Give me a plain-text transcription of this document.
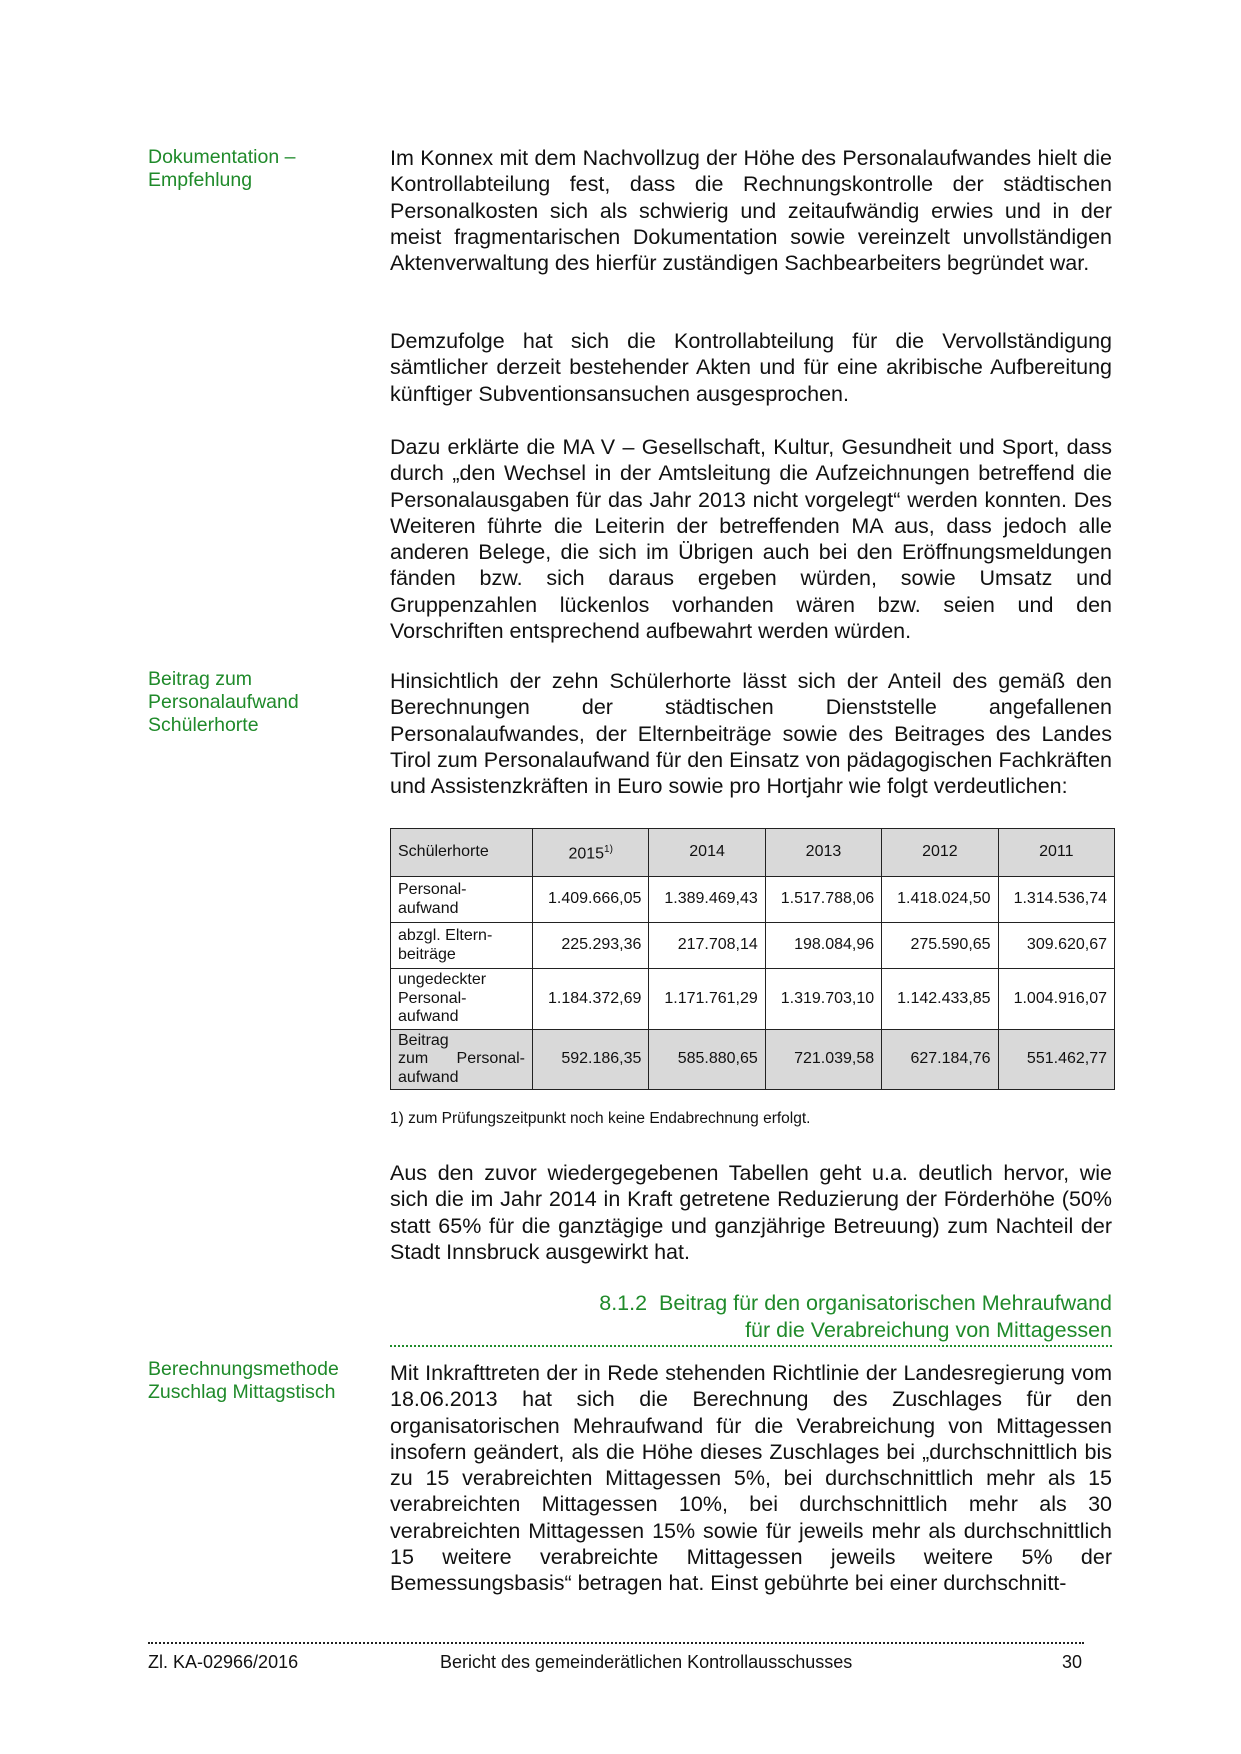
Dokumentation –
Empfehlung
Beitrag zum
Personalaufwand
Schülerhorte
Berechnungsmethode
Zuschlag Mittagstisch

Im Konnex mit dem Nachvollzug der Höhe des Personalaufwandes hielt die Kontrollabteilung fest, dass die Rechnungskontrolle der städtischen Personalkosten sich als schwierig und zeitaufwändig erwies und in der meist fragmentarischen Dokumentation sowie vereinzelt unvollständigen Aktenverwaltung des hierfür zuständigen Sachbearbeiters begründet war.

Demzufolge hat sich die Kontrollabteilung für die Vervollständigung sämtlicher derzeit bestehender Akten und für eine akribische Aufbereitung künftiger Subventionsansuchen ausgesprochen.

Dazu erklärte die MA V – Gesellschaft, Kultur, Gesundheit und Sport, dass durch „den Wechsel in der Amtsleitung die Aufzeichnungen betreffend die Personalausgaben für das Jahr 2013 nicht vorgelegt“ werden konnten. Des Weiteren führte die Leiterin der betreffenden MA aus, dass jedoch alle anderen Belege, die sich im Übrigen auch bei den Eröffnungsmeldungen fänden bzw. sich daraus ergeben würden, sowie Umsatz und Gruppenzahlen lückenlos vorhanden wären bzw. seien und den Vorschriften entsprechend aufbewahrt werden würden.

Hinsichtlich der zehn Schülerhorte lässt sich der Anteil des gemäß den Berechnungen der städtischen Dienststelle angefallenen Personalaufwandes, der Elternbeiträge sowie des Beitrages des Landes Tirol zum Personalaufwand für den Einsatz von pädagogischen Fachkräften und Assistenzkräften in Euro sowie pro Hortjahr wie folgt verdeutlichen:

Schülerhorte	2015$^{1)}$	2014	2013	2012	2011
Personal-
aufwand	1.409.666,05	1.389.469,43	1.517.788,06	1.418.024,50	1.314.536,74
abzgl. Eltern-
beiträge	225.293,36	217.708,14	198.084,96	275.590,65	309.620,67
ungedeckter
Personal-
aufwand	1.184.372,69	1.171.761,29	1.319.703,10	1.142.433,85	1.004.916,07
Beitrag

zum Personal-
aufwand	592.186,35	585.880,65	721.039,58	627.184,76	551.462,77
1) zum Prüfungszeitpunkt noch keine Endabrechnung erfolgt.

Aus den zuvor wiedergegebenen Tabellen geht u.a. deutlich hervor, wie sich die im Jahr 2014 in Kraft getretene Reduzierung der Förderhöhe (50% statt 65% für die ganztägige und ganzjährige Betreuung) zum Nachteil der Stadt Innsbruck ausgewirkt hat.

8.1.2 Beitrag für den organisatorischen Mehraufwand
für die Verabreichung von Mittagessen

Mit Inkrafttreten der in Rede stehenden Richtlinie der Landesregierung vom 18.06.2013 hat sich die Berechnung des Zuschlages für den organisatorischen Mehraufwand für die Verabreichung von Mittagessen insofern geändert, als die Höhe dieses Zuschlages bei „durchschnittlich bis zu 15 verabreichten Mittagessen 5%, bei durchschnittlich mehr als 15 verabreichten Mittagessen 10%, bei durchschnittlich mehr als 30 verabreichten Mittagessen 15% sowie für jeweils mehr als durchschnittlich 15 weitere verabreichte Mittagessen jeweils weitere 5% der Bemessungsbasis“ betragen hat. Einst gebührte bei einer durchschnitt-

Zl. KA-02966/2016	Bericht des gemeinderätlichen Kontrollausschusses	30
